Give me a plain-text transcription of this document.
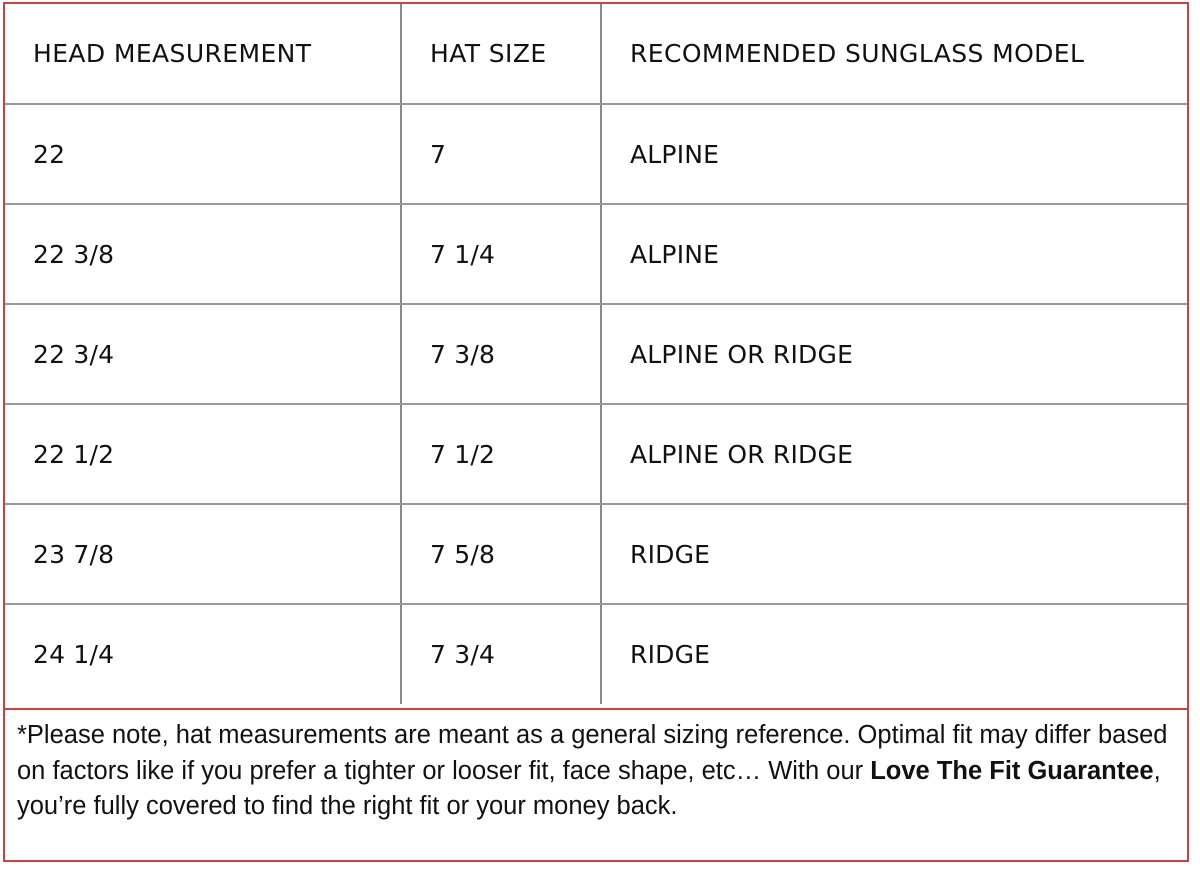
HEAD MEASUREMENT	HAT SIZE	RECOMMENDED SUNGLASS MODEL
22	7	ALPINE
22 3/8	7 1/4	ALPINE
22 3/4	7 3/8	ALPINE OR RIDGE
22 1/2	7 1/2	ALPINE OR RIDGE
23 7/8	7 5/8	RIDGE
24 1/4	7 3/4	RIDGE
*Please note, hat measurements are meant as a general sizing reference. Optimal fit may differ based on factors like if you prefer a tighter or looser fit, face shape, etc… With our Love The Fit Guarantee, you’re fully covered to find the right fit or your money back.
